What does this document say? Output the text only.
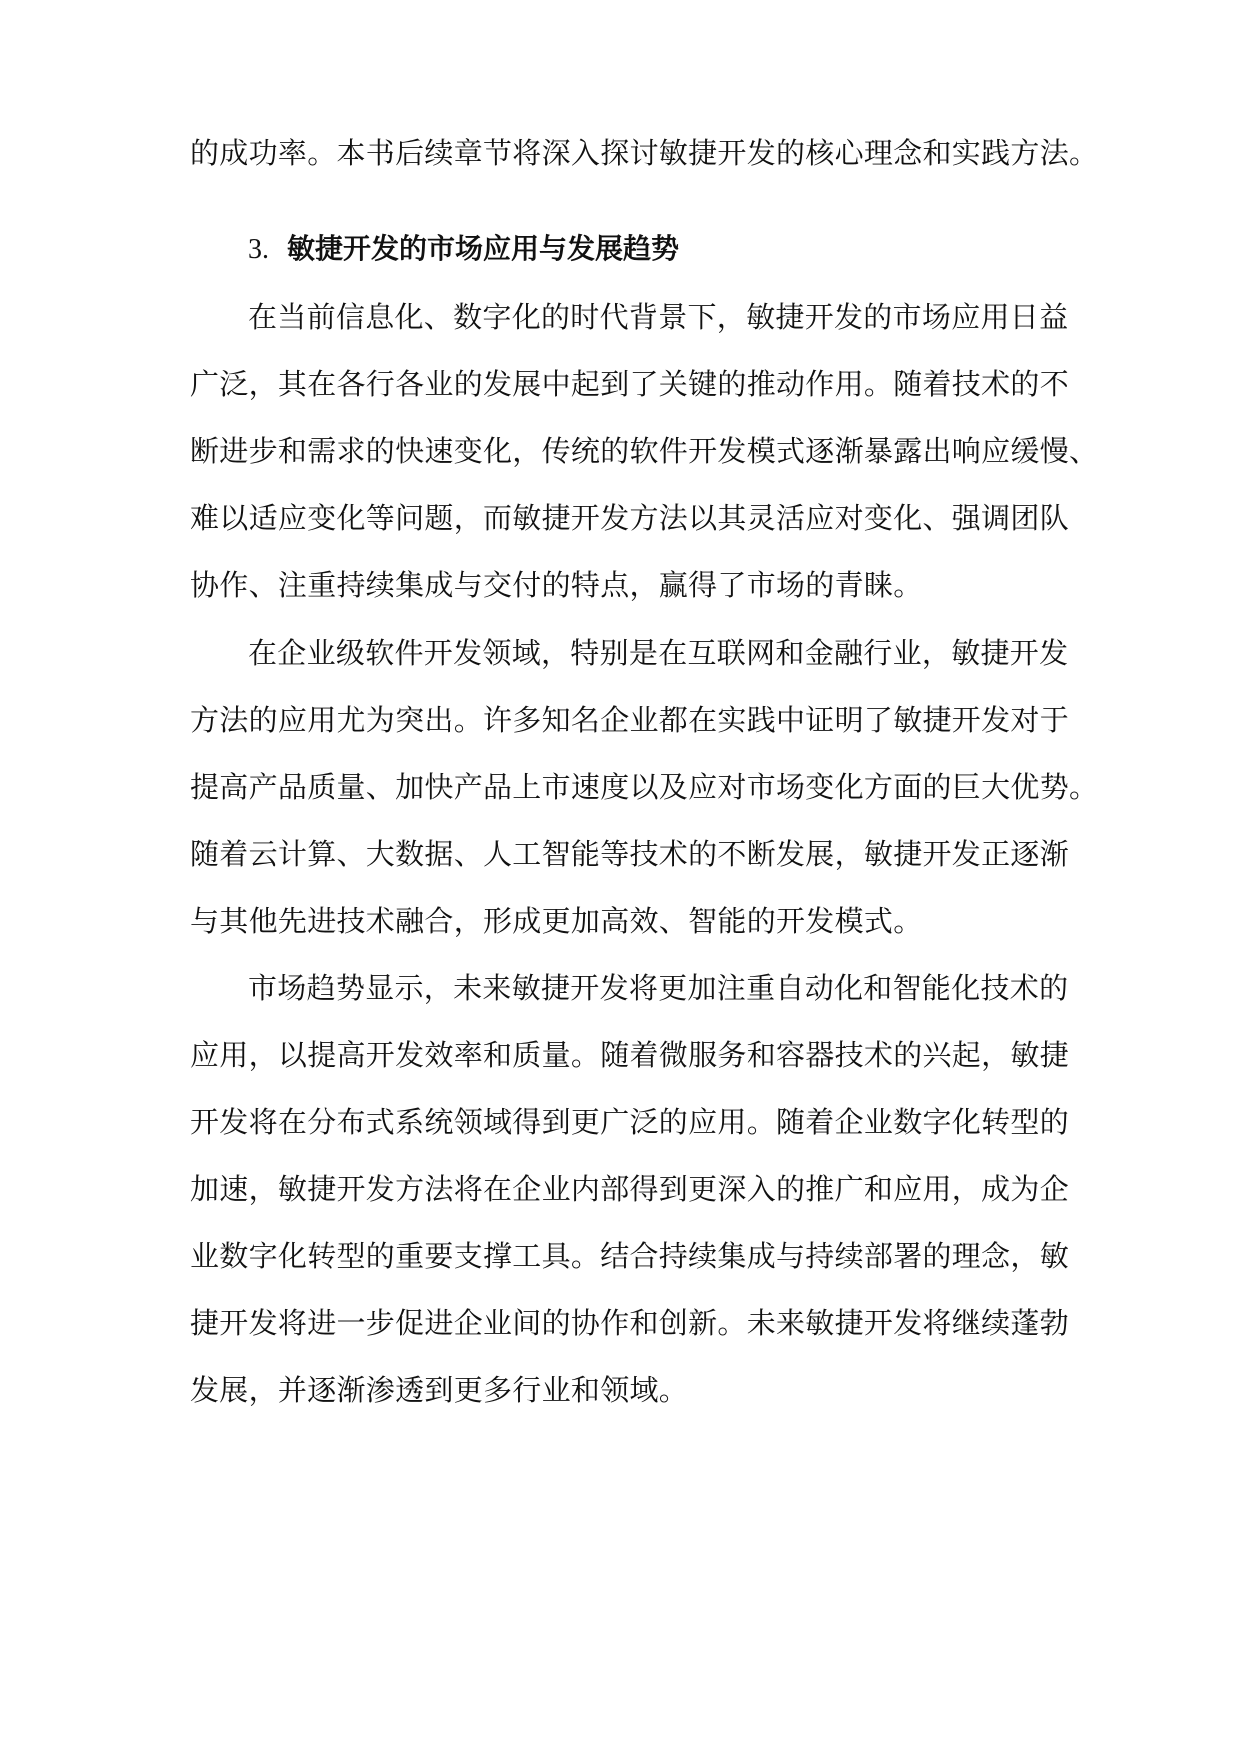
的成功率。本书后续章节将深入探讨敏捷开发的核心理念和实践方法。
3. 敏捷开发的市场应用与发展趋势
在当前信息化、数字化的时代背景下，敏捷开发的市场应用日益
广泛，其在各行各业的发展中起到了关键的推动作用。随着技术的不
断进步和需求的快速变化，传统的软件开发模式逐渐暴露出响应缓慢、
难以适应变化等问题，而敏捷开发方法以其灵活应对变化、强调团队
协作、注重持续集成与交付的特点，赢得了市场的青睐。
在企业级软件开发领域，特别是在互联网和金融行业，敏捷开发
方法的应用尤为突出。许多知名企业都在实践中证明了敏捷开发对于
提高产品质量、加快产品上市速度以及应对市场变化方面的巨大优势。
随着云计算、大数据、人工智能等技术的不断发展，敏捷开发正逐渐
与其他先进技术融合，形成更加高效、智能的开发模式。
市场趋势显示，未来敏捷开发将更加注重自动化和智能化技术的
应用，以提高开发效率和质量。随着微服务和容器技术的兴起，敏捷
开发将在分布式系统领域得到更广泛的应用。随着企业数字化转型的
加速，敏捷开发方法将在企业内部得到更深入的推广和应用，成为企
业数字化转型的重要支撑工具。结合持续集成与持续部署的理念，敏
捷开发将进一步促进企业间的协作和创新。未来敏捷开发将继续蓬勃
发展，并逐渐渗透到更多行业和领域。
